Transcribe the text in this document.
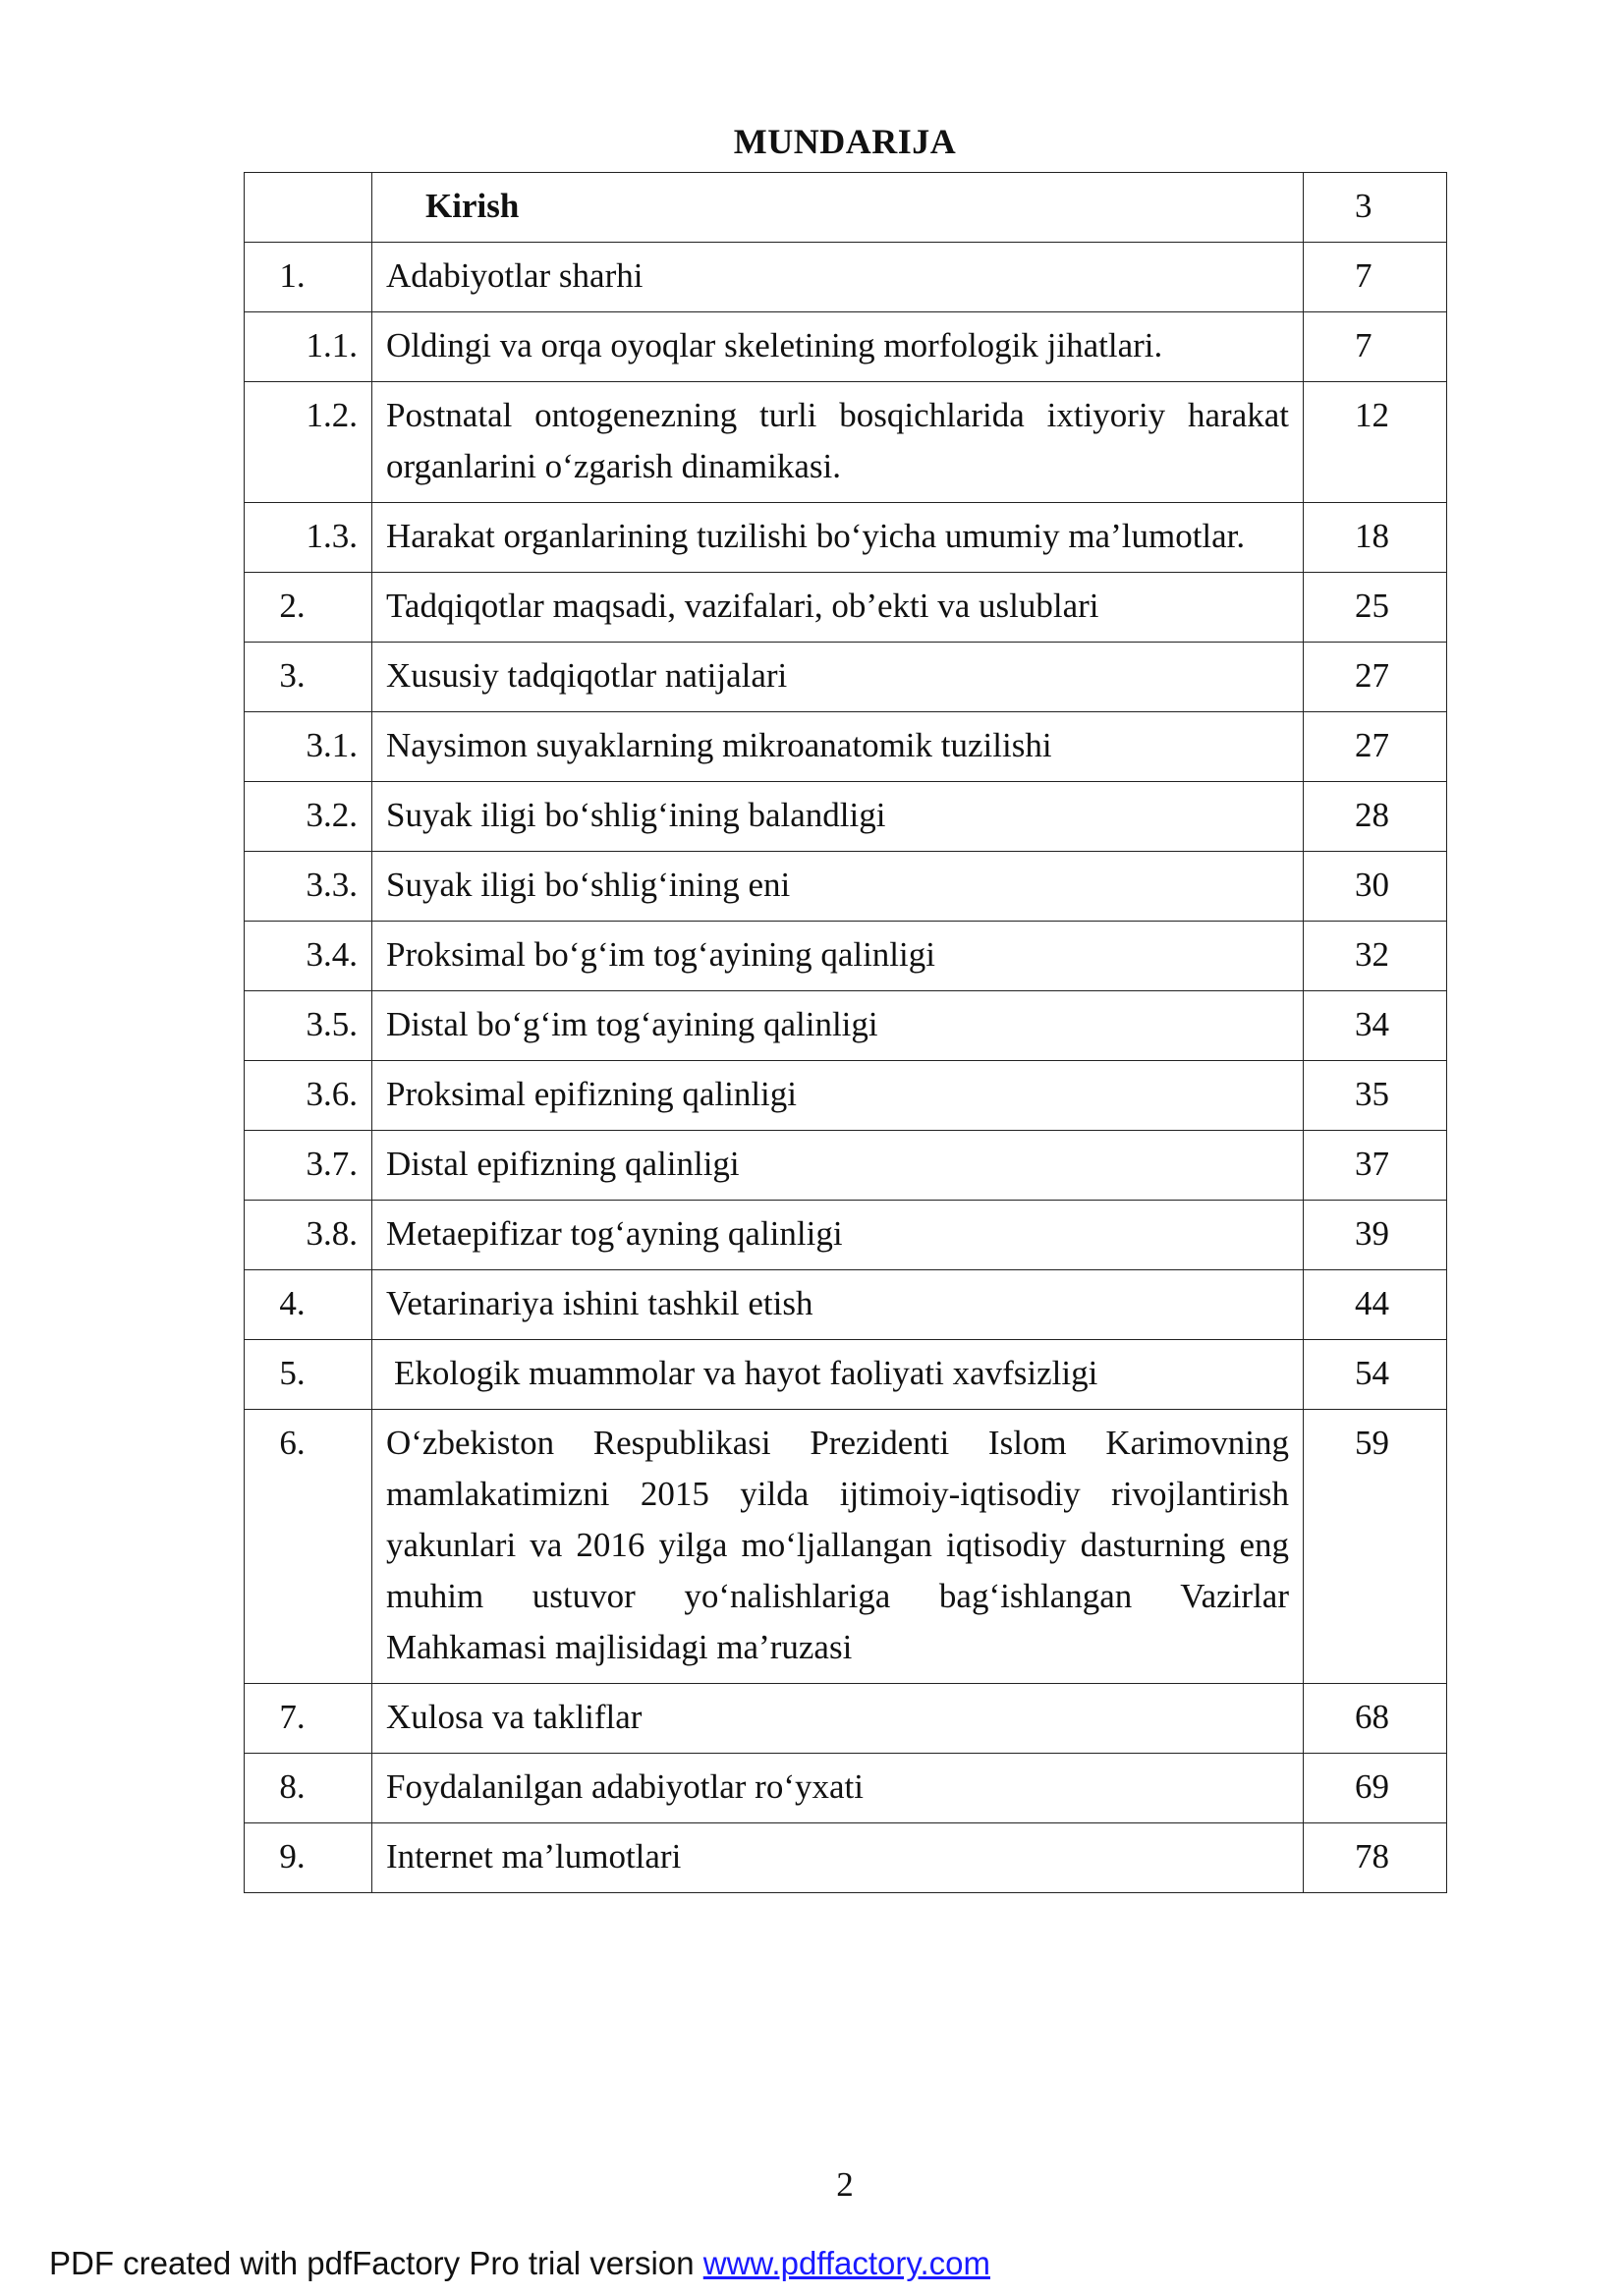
MUNDARIJA
	Kirish	3
1.	Adabiyotlar sharhi	7
1.1.	Oldingi va orqa oyoqlar skeletining morfologik jihatlari.	7
1.2.	Postnatal ontogenezning turli bosqichlarida ixtiyoriy harakat organlarini o‘zgarish dinamikasi.	12
1.3.	Harakat organlarining tuzilishi bo‘yicha umumiy ma’lumotlar.	18
2.	Tadqiqotlar maqsadi, vazifalari, ob’ekti va uslublari	25
3.	Xususiy tadqiqotlar natijalari	27
3.1.	Naysimon suyaklarning mikroanatomik tuzilishi	27
3.2.	Suyak iligi bo‘shlig‘ining balandligi	28
3.3.	Suyak iligi bo‘shlig‘ining eni	30
3.4.	Proksimal bo‘g‘im tog‘ayining qalinligi	32
3.5.	Distal bo‘g‘im tog‘ayining qalinligi	34
3.6.	Proksimal epifizning qalinligi	35
3.7.	Distal epifizning qalinligi	37
3.8.	Metaepifizar tog‘ayning qalinligi	39
4.	Vetarinariya ishini tashkil etish	44
5.	Ekologik muammolar va hayot faoliyati xavfsizligi	54
6.	O‘zbekiston Respublikasi Prezidenti Islom Karimovning mamlakatimizni 2015 yilda ijtimoiy-iqtisodiy rivojlantirish yakunlari va 2016 yilga mo‘ljallangan iqtisodiy dasturning eng muhim ustuvor yo‘nalishlariga bag‘ishlangan Vazirlar Mahkamasi majlisidagi ma’ruzasi	59
7.	Xulosa va takliflar	68
8.	Foydalanilgan adabiyotlar ro‘yxati	69
9.	Internet ma’lumotlari	78
2
PDF created with pdfFactory Pro trial version www.pdffactory.com
